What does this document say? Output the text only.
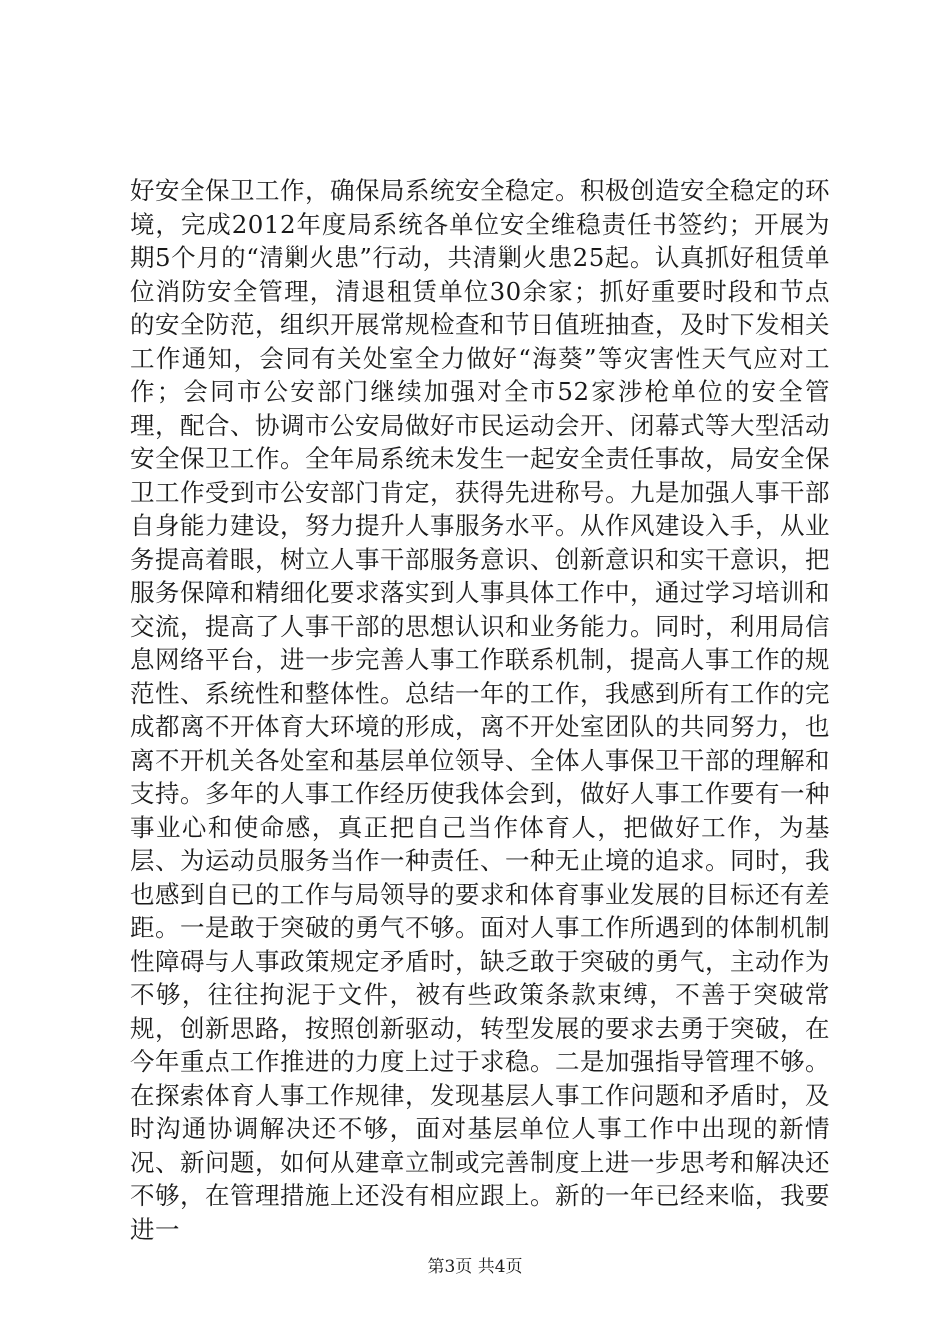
好安全保卫工作，确保局系统安全稳定。积极创造安全稳定的环境，完成2012年度局系统各单位安全维稳责任书签约；开展为期5个月的“清剿火患”行动，共清剿火患25起。认真抓好租赁单位消防安全管理，清退租赁单位30余家；抓好重要时段和节点的安全防范，组织开展常规检查和节日值班抽查，及时下发相关工作通知，会同有关处室全力做好“海葵”等灾害性天气应对工作；会同市公安部门继续加强对全市52家涉枪单位的安全管理，配合、协调市公安局做好市民运动会开、闭幕式等大型活动安全保卫工作。全年局系统未发生一起安全责任事故，局安全保卫工作受到市公安部门肯定，获得先进称号。九是加强人事干部自身能力建设，努力提升人事服务水平。从作风建设入手，从业务提高着眼，树立人事干部服务意识、创新意识和实干意识，把服务保障和精细化要求落实到人事具体工作中，通过学习培训和交流，提高了人事干部的思想认识和业务能力。同时，利用局信息网络平台，进一步完善人事工作联系机制，提高人事工作的规范性、系统性和整体性。总结一年的工作，我感到所有工作的完成都离不开体育大环境的形成，离不开处室团队的共同努力，也离不开机关各处室和基层单位领导、全体人事保卫干部的理解和支持。多年的人事工作经历使我体会到，做好人事工作要有一种事业心和使命感，真正把自己当作体育人，把做好工作，为基层、为运动员服务当作一种责任、一种无止境的追求。同时，我也感到自已的工作与局领导的要求和体育事业发展的目标还有差距。一是敢于突破的勇气不够。面对人事工作所遇到的体制机制性障碍与人事政策规定矛盾时，缺乏敢于突破的勇气，主动作为不够，往往拘泥于文件，被有些政策条款束缚，不善于突破常规，创新思路，按照创新驱动，转型发展的要求去勇于突破，在今年重点工作推进的力度上过于求稳。二是加强指导管理不够。在探索体育人事工作规律，发现基层人事工作问题和矛盾时，及时沟通协调解决还不够，面对基层单位人事工作中出现的新情况、新问题，如何从建章立制或完善制度上进一步思考和解决还不够，在管理措施上还没有相应跟上。新的一年已经来临，我要进一

第3页 共4页
